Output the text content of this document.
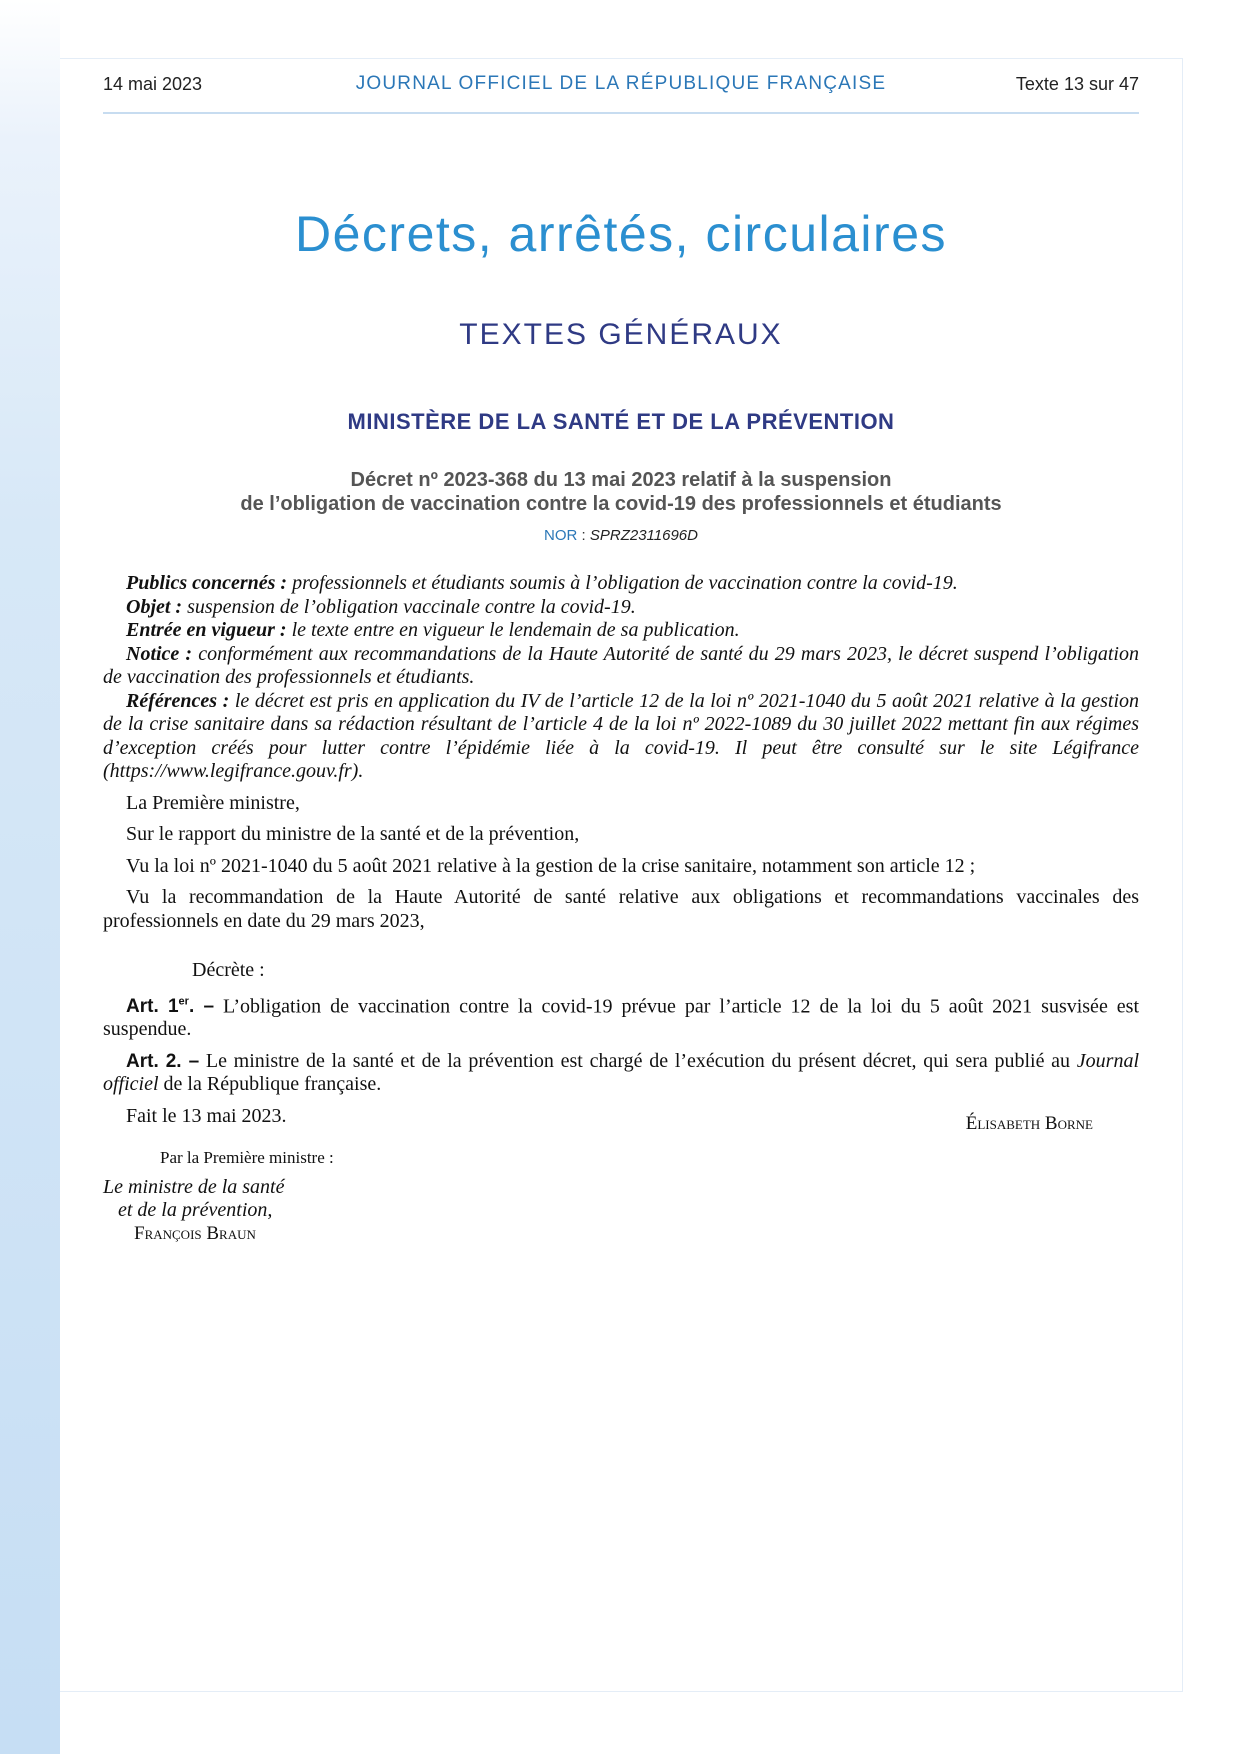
14 mai 2023	JOURNAL OFFICIEL DE LA RÉPUBLIQUE FRANÇAISE	Texte 13 sur 47
Décrets, arrêtés, circulaires
TEXTES GÉNÉRAUX
MINISTÈRE DE LA SANTÉ ET DE LA PRÉVENTION
Décret nº 2023-368 du 13 mai 2023 relatif à la suspension
de l’obligation de vaccination contre la covid-19 des professionnels et étudiants
NOR : SPRZ2311696D

Publics concernés : professionnels et étudiants soumis à l’obligation de vaccination contre la covid-19.

Objet : suspension de l’obligation vaccinale contre la covid-19.

Entrée en vigueur : le texte entre en vigueur le lendemain de sa publication.

Notice : conformément aux recommandations de la Haute Autorité de santé du 29 mars 2023, le décret suspend l’obligation de vaccination des professionnels et étudiants.

Références : le décret est pris en application du IV de l’article 12 de la loi nº 2021-1040 du 5 août 2021 relative à la gestion de la crise sanitaire dans sa rédaction résultant de l’article 4 de la loi nº 2022-1089 du 30 juillet 2022 mettant fin aux régimes d’exception créés pour lutter contre l’épidémie liée à la covid-19. Il peut être consulté sur le site Légifrance (https://www.legifrance.gouv.fr).

La Première ministre,

Sur le rapport du ministre de la santé et de la prévention,

Vu la loi nº 2021-1040 du 5 août 2021 relative à la gestion de la crise sanitaire, notamment son article 12 ;

Vu la recommandation de la Haute Autorité de santé relative aux obligations et recommandations vaccinales des professionnels en date du 29 mars 2023,

Décrète :

Art. 1er. – L’obligation de vaccination contre la covid-19 prévue par l’article 12 de la loi du 5 août 2021 susvisée est suspendue.

Art. 2. – Le ministre de la santé et de la prévention est chargé de l’exécution du présent décret, qui sera publié au Journal officiel de la République française.

Fait le 13 mai 2023.	Élisabeth Borne
Par la Première ministre :
Le ministre de la santé
et de la prévention,
François Braun
